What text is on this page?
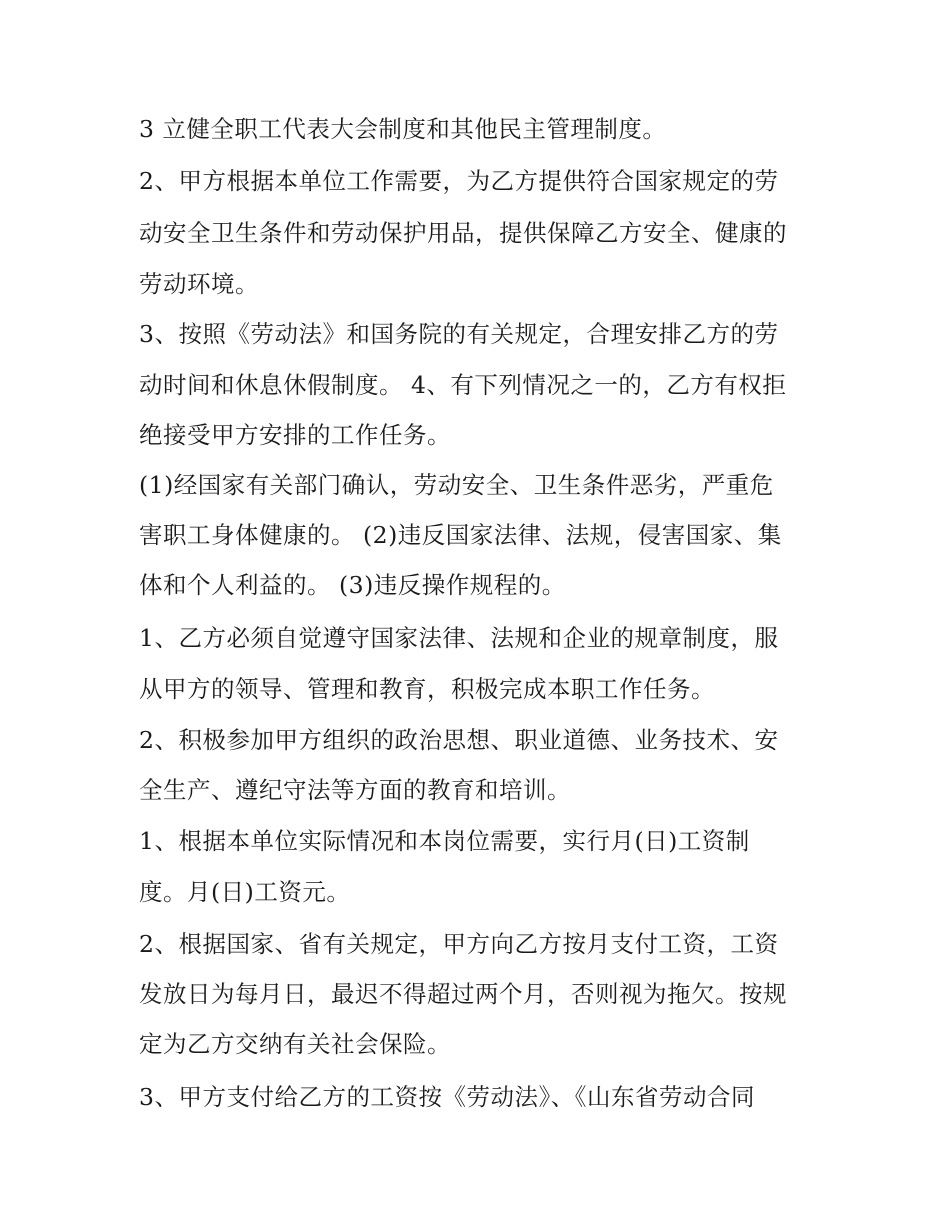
3 立健全职工代表大会制度和其他民主管理制度。

2、甲方根据本单位工作需要，为乙方提供符合国家规定的劳

动安全卫生条件和劳动保护用品，提供保障乙方安全、健康的

劳动环境。

3、按照《劳动法》和国务院的有关规定，合理安排乙方的劳

动时间和休息休假制度。 4、有下列情况之一的，乙方有权拒

绝接受甲方安排的工作任务。

(1)经国家有关部门确认，劳动安全、卫生条件恶劣，严重危

害职工身体健康的。 (2)违反国家法律、法规，侵害国家、集

体和个人利益的。 (3)违反操作规程的。

1、乙方必须自觉遵守国家法律、法规和企业的规章制度，服

从甲方的领导、管理和教育，积极完成本职工作任务。

2、积极参加甲方组织的政治思想、职业道德、业务技术、安

全生产、遵纪守法等方面的教育和培训。

1、根据本单位实际情况和本岗位需要，实行月(日)工资制

度。月(日)工资元。

2、根据国家、省有关规定，甲方向乙方按月支付工资，工资

发放日为每月日，最迟不得超过两个月，否则视为拖欠。按规

定为乙方交纳有关社会保险。

3、甲方支付给乙方的工资按《劳动法》、《山东省劳动合同
